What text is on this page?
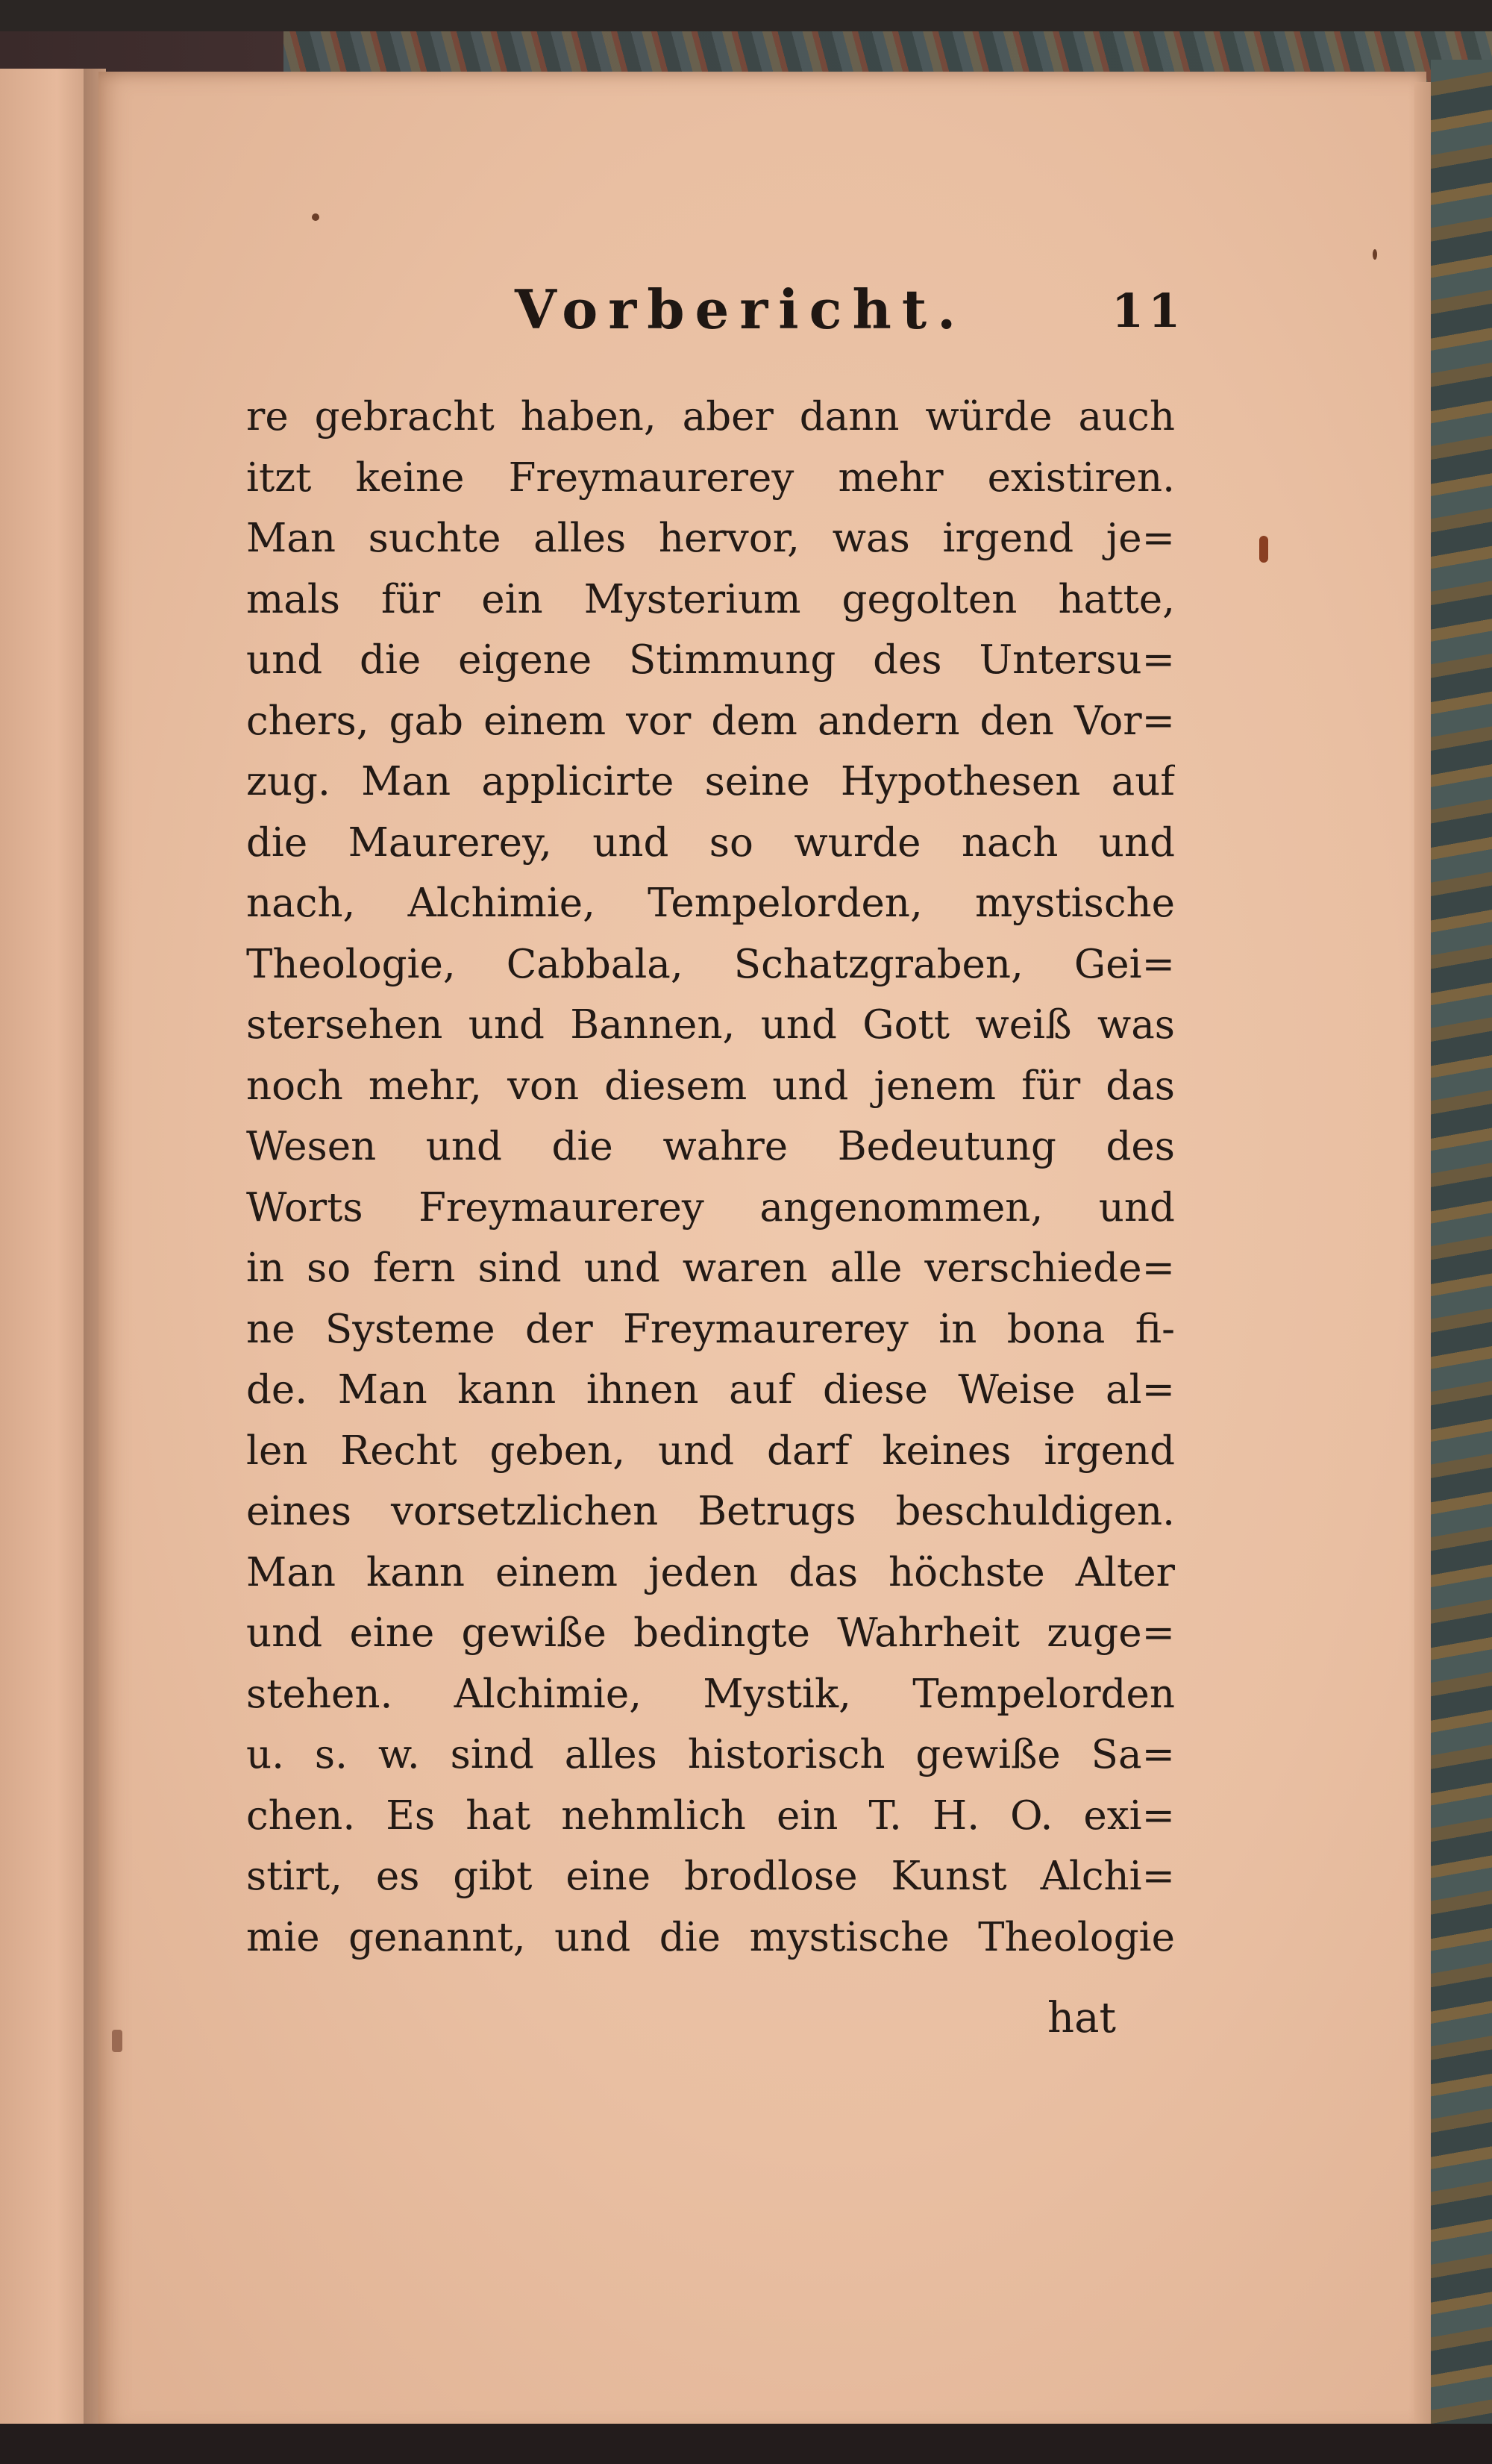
Vorbericht.	11
re gebracht haben, aber dann würde auch
itzt keine Freymaurerey mehr existiren.
Man suchte alles hervor, was irgend je=
mals für ein Mysterium gegolten hatte,
und die eigene Stimmung des Untersu=
chers, gab einem vor dem andern den Vor=
zug. Man applicirte seine Hypothesen auf
die Maurerey, und so wurde nach und
nach, Alchimie, Tempelorden, mystische
Theologie, Cabbala, Schatzgraben, Gei=
stersehen und Bannen, und Gott weiß was
noch mehr, von diesem und jenem für das
Wesen und die wahre Bedeutung des
Worts Freymaurerey angenommen, und
in so fern sind und waren alle verschiede=
ne Systeme der Freymaurerey in bona fi-
de. Man kann ihnen auf diese Weise al=
len Recht geben, und darf keines irgend
eines vorsetzlichen Betrugs beschuldigen.
Man kann einem jeden das höchste Alter
und eine gewiße bedingte Wahrheit zuge=
stehen. Alchimie, Mystik, Tempelorden
u. s. w. sind alles historisch gewiße Sa=
chen. Es hat nehmlich ein T. H. O. exi=
stirt, es gibt eine brodlose Kunst Alchi=
mie genannt, und die mystische Theologie
hat
